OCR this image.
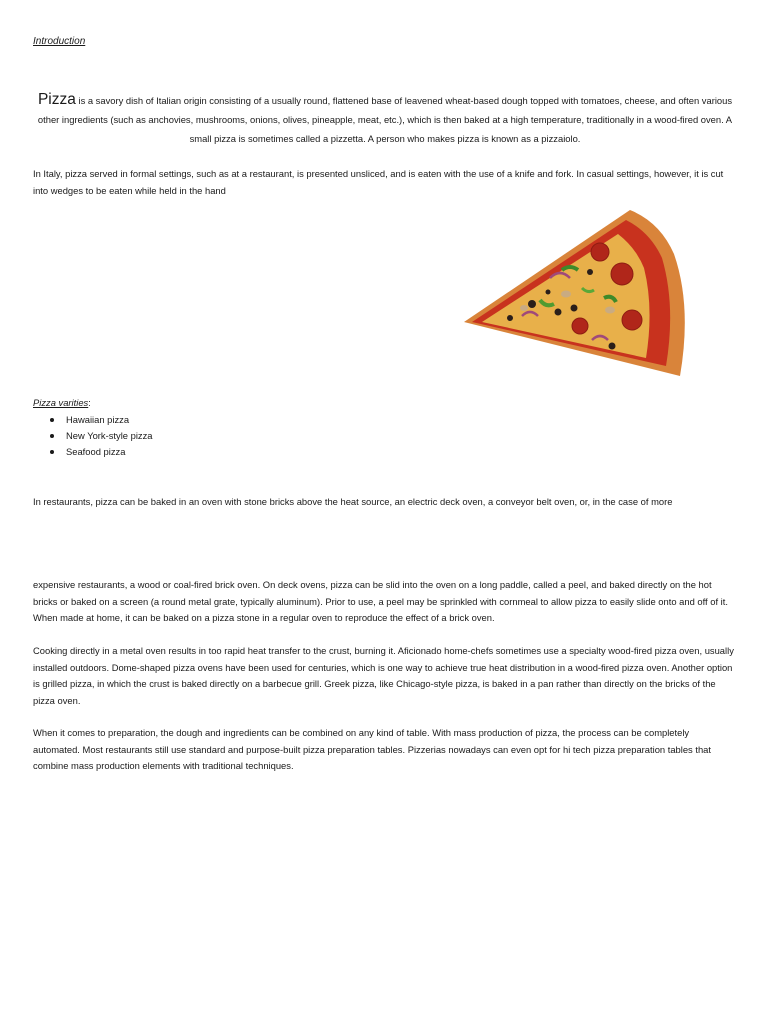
Introduction

Pizza is a savory dish of Italian origin consisting of a usually round, flattened base of leavened wheat-based dough topped with tomatoes, cheese, and often various other ingredients (such as anchovies, mushrooms, onions, olives, pineapple, meat, etc.), which is then baked at a high temperature, traditionally in a wood-fired oven. A small pizza is sometimes called a pizzetta. A person who makes pizza is known as a pizzaiolo.

In Italy, pizza served in formal settings, such as at a restaurant, is presented unsliced, and is eaten with the use of a knife and fork. In casual settings, however, it is cut into wedges to be eaten while held in the hand

Pizza varities:
Hawaiian pizza
New York-style pizza
Seafood pizza

In restaurants, pizza can be baked in an oven with stone bricks above the heat source, an electric deck oven, a conveyor belt oven, or, in the case of more

expensive restaurants, a wood or coal-fired brick oven. On deck ovens, pizza can be slid into the oven on a long paddle, called a peel, and baked directly on the hot bricks or baked on a screen (a round metal grate, typically aluminum). Prior to use, a peel may be sprinkled with cornmeal to allow pizza to easily slide onto and off of it. When made at home, it can be baked on a pizza stone in a regular oven to reproduce the effect of a brick oven.

Cooking directly in a metal oven results in too rapid heat transfer to the crust, burning it. Aficionado home-chefs sometimes use a specialty wood-fired pizza oven, usually installed outdoors. Dome-shaped pizza ovens have been used for centuries, which is one way to achieve true heat distribution in a wood-fired pizza oven. Another option is grilled pizza, in which the crust is baked directly on a barbecue grill. Greek pizza, like Chicago-style pizza, is baked in a pan rather than directly on the bricks of the pizza oven.

When it comes to preparation, the dough and ingredients can be combined on any kind of table. With mass production of pizza, the process can be completely automated. Most restaurants still use standard and purpose-built pizza preparation tables. Pizzerias nowadays can even opt for hi tech pizza preparation tables that combine mass production elements with traditional techniques.
